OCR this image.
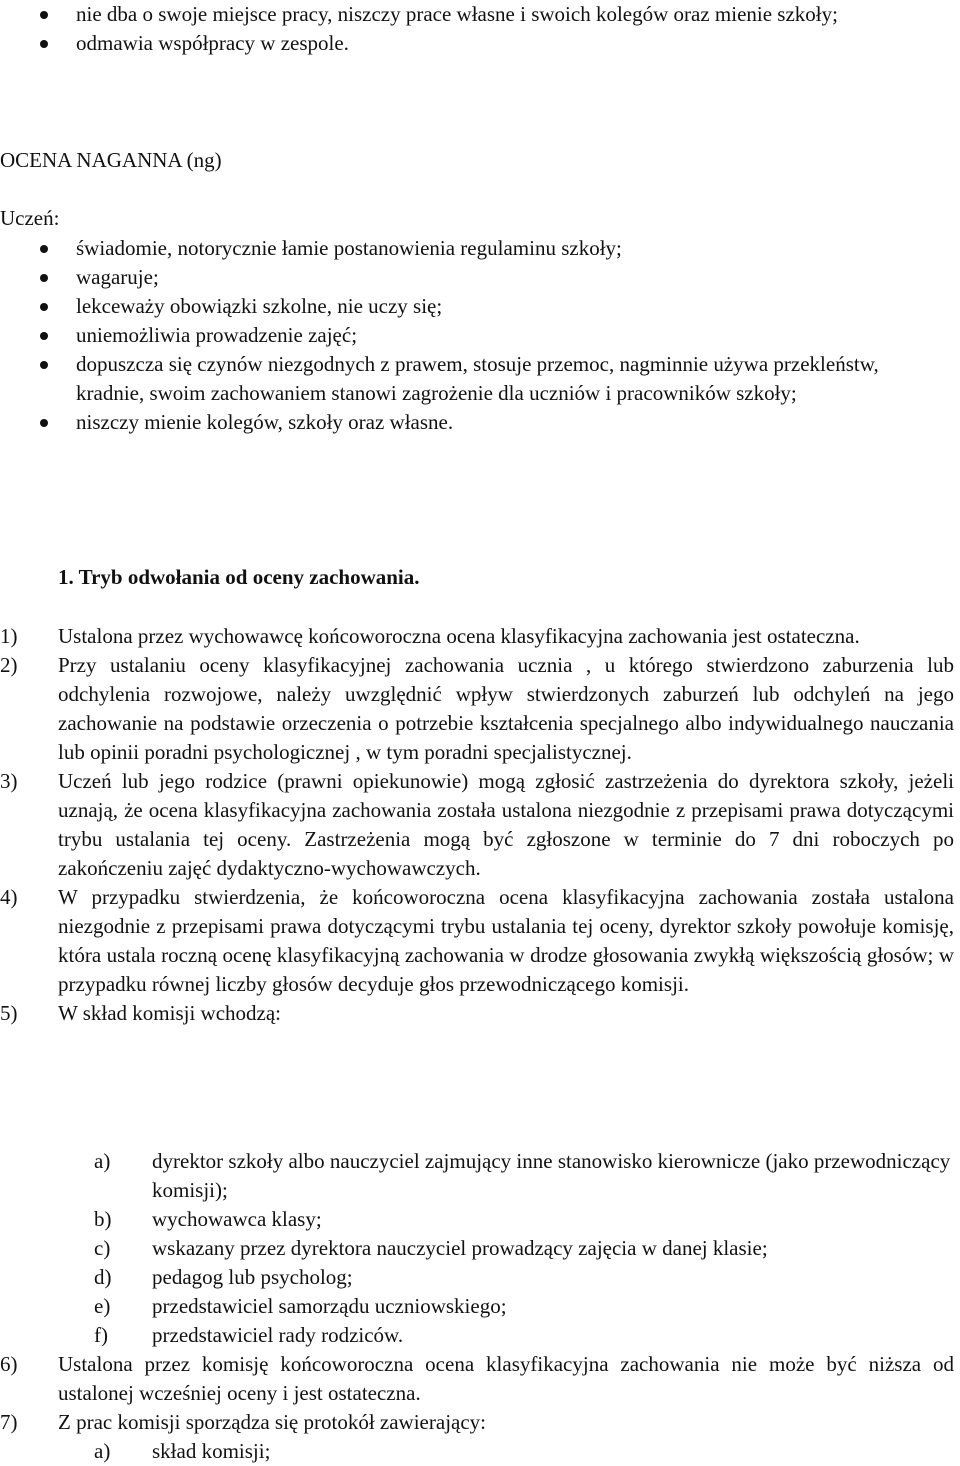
nie dba o swoje miejsce pracy, niszczy prace własne i swoich kolegów oraz mienie szkoły;
odmawia współpracy w zespole.
OCENA NAGANNA (ng)
Uczeń:
świadomie, notorycznie łamie postanowienia regulaminu szkoły;
wagaruje;
lekceważy obowiązki szkolne, nie uczy się;
uniemożliwia prowadzenie zajęć;
dopuszcza się czynów niezgodnych z prawem, stosuje przemoc, nagminnie używa przekleństw, kradnie, swoim zachowaniem stanowi zagrożenie dla uczniów i pracowników szkoły;
niszczy mienie kolegów, szkoły oraz własne.
1. Tryb odwołania od oceny zachowania.
1)	Ustalona przez wychowawcę końcoworoczna ocena klasyfikacyjna zachowania jest ostateczna.
2)	Przy ustalaniu oceny klasyfikacyjnej zachowania ucznia , u którego stwierdzono zaburzenia lub odchylenia rozwojowe, należy uwzględnić wpływ stwierdzonych zaburzeń lub odchyleń na jego zachowanie na podstawie orzeczenia o potrzebie kształcenia specjalnego albo indywidualnego nauczania lub opinii poradni psychologicznej , w tym poradni specjalistycznej.
3)	Uczeń lub jego rodzice (prawni opiekunowie) mogą zgłosić zastrzeżenia do dyrektora szkoły, jeżeli uznają, że ocena klasyfikacyjna zachowania została ustalona niezgodnie z przepisami prawa dotyczącymi trybu ustalania tej oceny. Zastrzeżenia mogą być zgłoszone w terminie do 7 dni roboczych po zakończeniu zajęć dydaktyczno-wychowawczych.
4)	W przypadku stwierdzenia, że końcoworoczna ocena klasyfikacyjna zachowania została ustalona niezgodnie z przepisami prawa dotyczącymi trybu ustalania tej oceny, dyrektor szkoły powołuje komisję, która ustala roczną ocenę klasyfikacyjną zachowania w drodze głosowania zwykłą większością głosów; w przypadku równej liczby głosów decyduje głos przewodniczącego komisji.
5)	W skład komisji wchodzą:
a)	dyrektor szkoły albo nauczyciel zajmujący inne stanowisko kierownicze (jako przewodniczący komisji);
b)	wychowawca klasy;
c)	wskazany przez dyrektora nauczyciel prowadzący zajęcia w danej klasie;
d)	pedagog lub psycholog;
e)	przedstawiciel samorządu uczniowskiego;
f)	przedstawiciel rady rodziców.
6)	Ustalona przez komisję końcoworoczna ocena klasyfikacyjna zachowania nie może być niższa od ustalonej wcześniej oceny i jest ostateczna.
7)	Z prac komisji sporządza się protokół zawierający:
a)	skład komisji;
